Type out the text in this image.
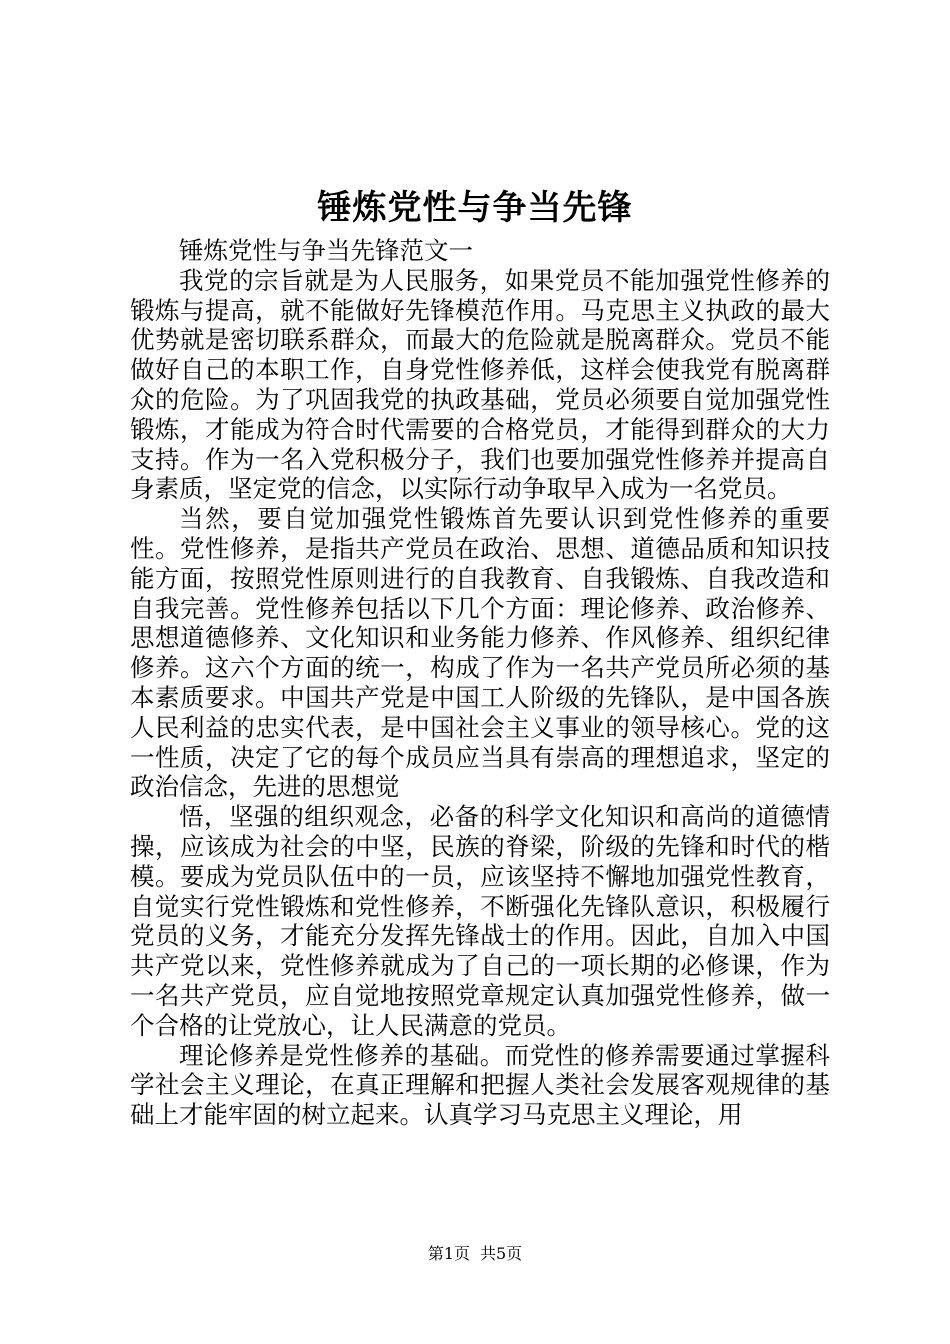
锤炼党性与争当先锋

锤炼党性与争当先锋范文一

我党的宗旨就是为人民服务，如果党员不能加强党性修养的锻炼与提高，就不能做好先锋模范作用。马克思主义执政的最大优势就是密切联系群众，而最大的危险就是脱离群众。党员不能做好自己的本职工作，自身党性修养低，这样会使我党有脱离群众的危险。为了巩固我党的执政基础，党员必须要自觉加强党性锻炼，才能成为符合时代需要的合格党员，才能得到群众的大力支持。作为一名入党积极分子，我们也要加强党性修养并提高自身素质，坚定党的信念，以实际行动争取早入成为一名党员。

当然，要自觉加强党性锻炼首先要认识到党性修养的重要性。党性修养，是指共产党员在政治、思想、道德品质和知识技能方面，按照党性原则进行的自我教育、自我锻炼、自我改造和自我完善。党性修养包括以下几个方面：理论修养、政治修养、思想道德修养、文化知识和业务能力修养、作风修养、组织纪律修养。这六个方面的统一，构成了作为一名共产党员所必须的基本素质要求。中国共产党是中国工人阶级的先锋队，是中国各族人民利益的忠实代表，是中国社会主义事业的领导核心。党的这一性质，决定了它的每个成员应当具有崇高的理想追求，坚定的政治信念，先进的思想觉

悟，坚强的组织观念，必备的科学文化知识和高尚的道德情操，应该成为社会的中坚，民族的脊梁，阶级的先锋和时代的楷模。要成为党员队伍中的一员，应该坚持不懈地加强党性教育，自觉实行党性锻炼和党性修养，不断强化先锋队意识，积极履行党员的义务，才能充分发挥先锋战士的作用。因此，自加入中国共产党以来，党性修养就成为了自己的一项长期的必修课，作为一名共产党员，应自觉地按照党章规定认真加强党性修养，做一个合格的让党放心，让人民满意的党员。

理论修养是党性修养的基础。而党性的修养需要通过掌握科学社会主义理论，在真正理解和把握人类社会发展客观规律的基础上才能牢固的树立起来。认真学习马克思主义理论，用

第1页 共5页
